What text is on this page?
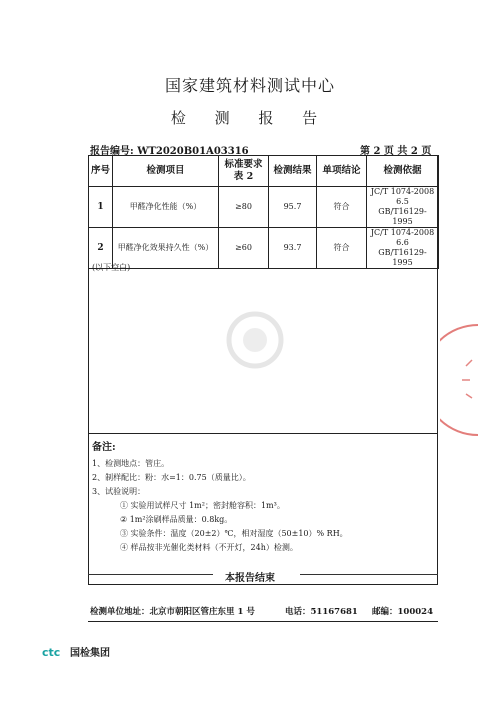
国家建筑材料测试中心
检 测 报 告
报告编号: WT2020B01A03316	第 2 页 共 2 页
序号	检测项目	标准要求表 2	检测结果	单项结论	检测依据
1	甲醛净化性能（%）	≥80	95.7	符合	JC/T 1074-2008
6.5
GB/T16129-1995

2	甲醛净化效果持久性（%）	≥60	93.7	符合	JC/T 1074-2008
6.6
GB/T16129-1995
(以下空白)
备注:
1、检测地点：管庄。
2、制样配比：粉：水=1：0.75（质量比）。
3、试验说明：
① 实验用试样尺寸 1m²；密封舱容积：1m³。
② 1m²涂刷样品质量：0.8kg。
③ 实验条件：温度（20±2）℃，相对湿度（50±10）% RH。
④ 样品按非光催化类材料（不开灯，24h）检测。
本报告结束
检测单位地址：北京市朝阳区管庄东里 1 号	电话：51167681 邮编：100024
ctc 国检集团
